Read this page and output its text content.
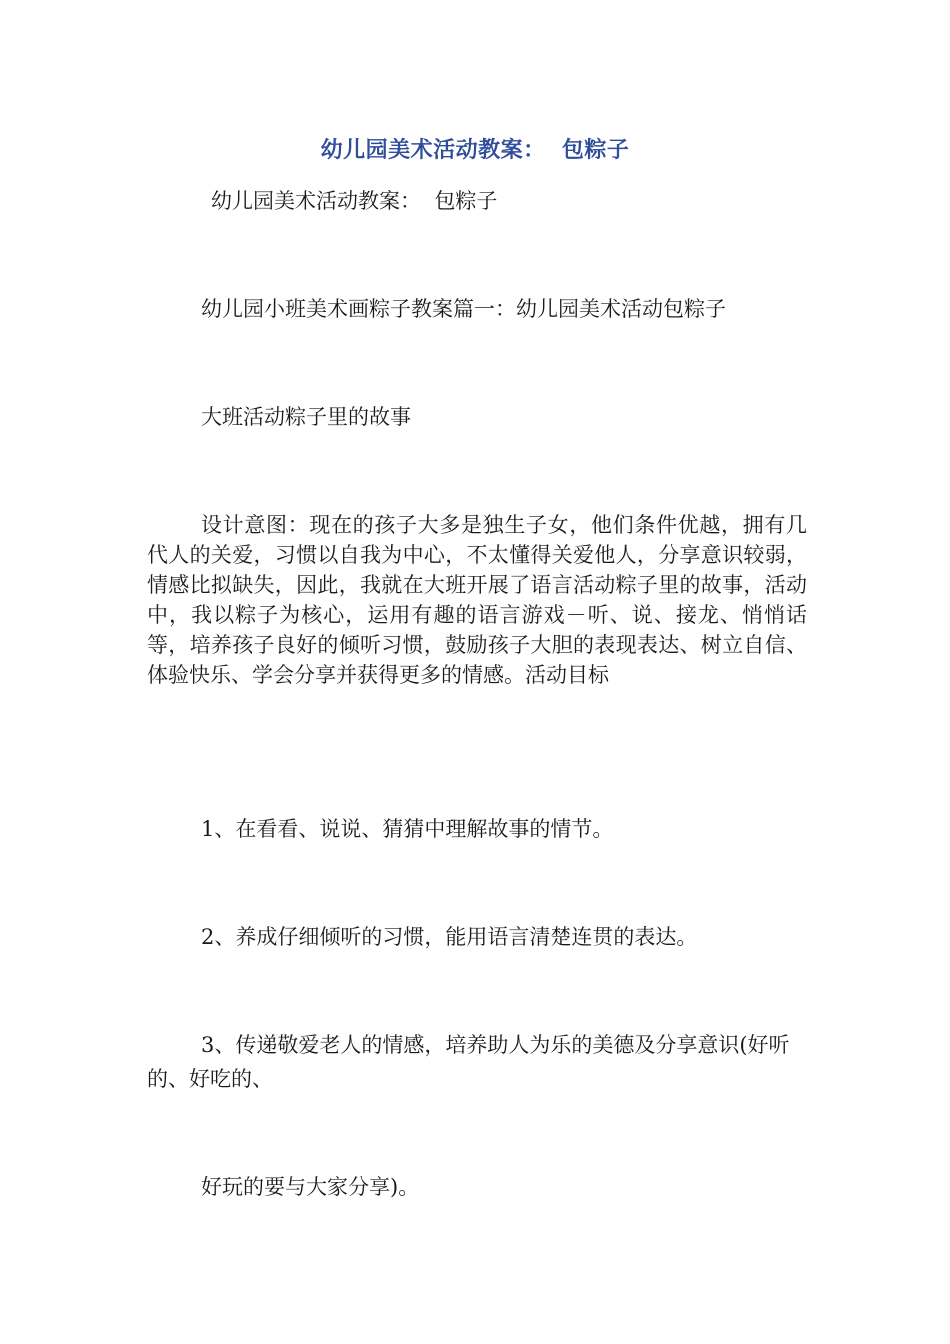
幼儿园美术活动教案：  包粽子
幼儿园美术活动教案：  包粽子
幼儿园小班美术画粽子教案篇一：幼儿园美术活动包粽子
大班活动粽子里的故事
设计意图：现在的孩子大多是独生子女，他们条件优越，拥有几代人的关爱，习惯以自我为中心，不太懂得关爱他人，分享意识较弱，情感比拟缺失，因此，我就在大班开展了语言活动粽子里的故事，活动中，我以粽子为核心，运用有趣的语言游戏－听、说、接龙、悄悄话等，培养孩子良好的倾听习惯，鼓励孩子大胆的表现表达、树立自信、体验快乐、学会分享并获得更多的情感。活动目标
1、在看看、说说、猜猜中理解故事的情节。
2、养成仔细倾听的习惯，能用语言清楚连贯的表达。
3、传递敬爱老人的情感，培养助人为乐的美德及分享意识(好听
的、好吃的、
好玩的要与大家分享)。
